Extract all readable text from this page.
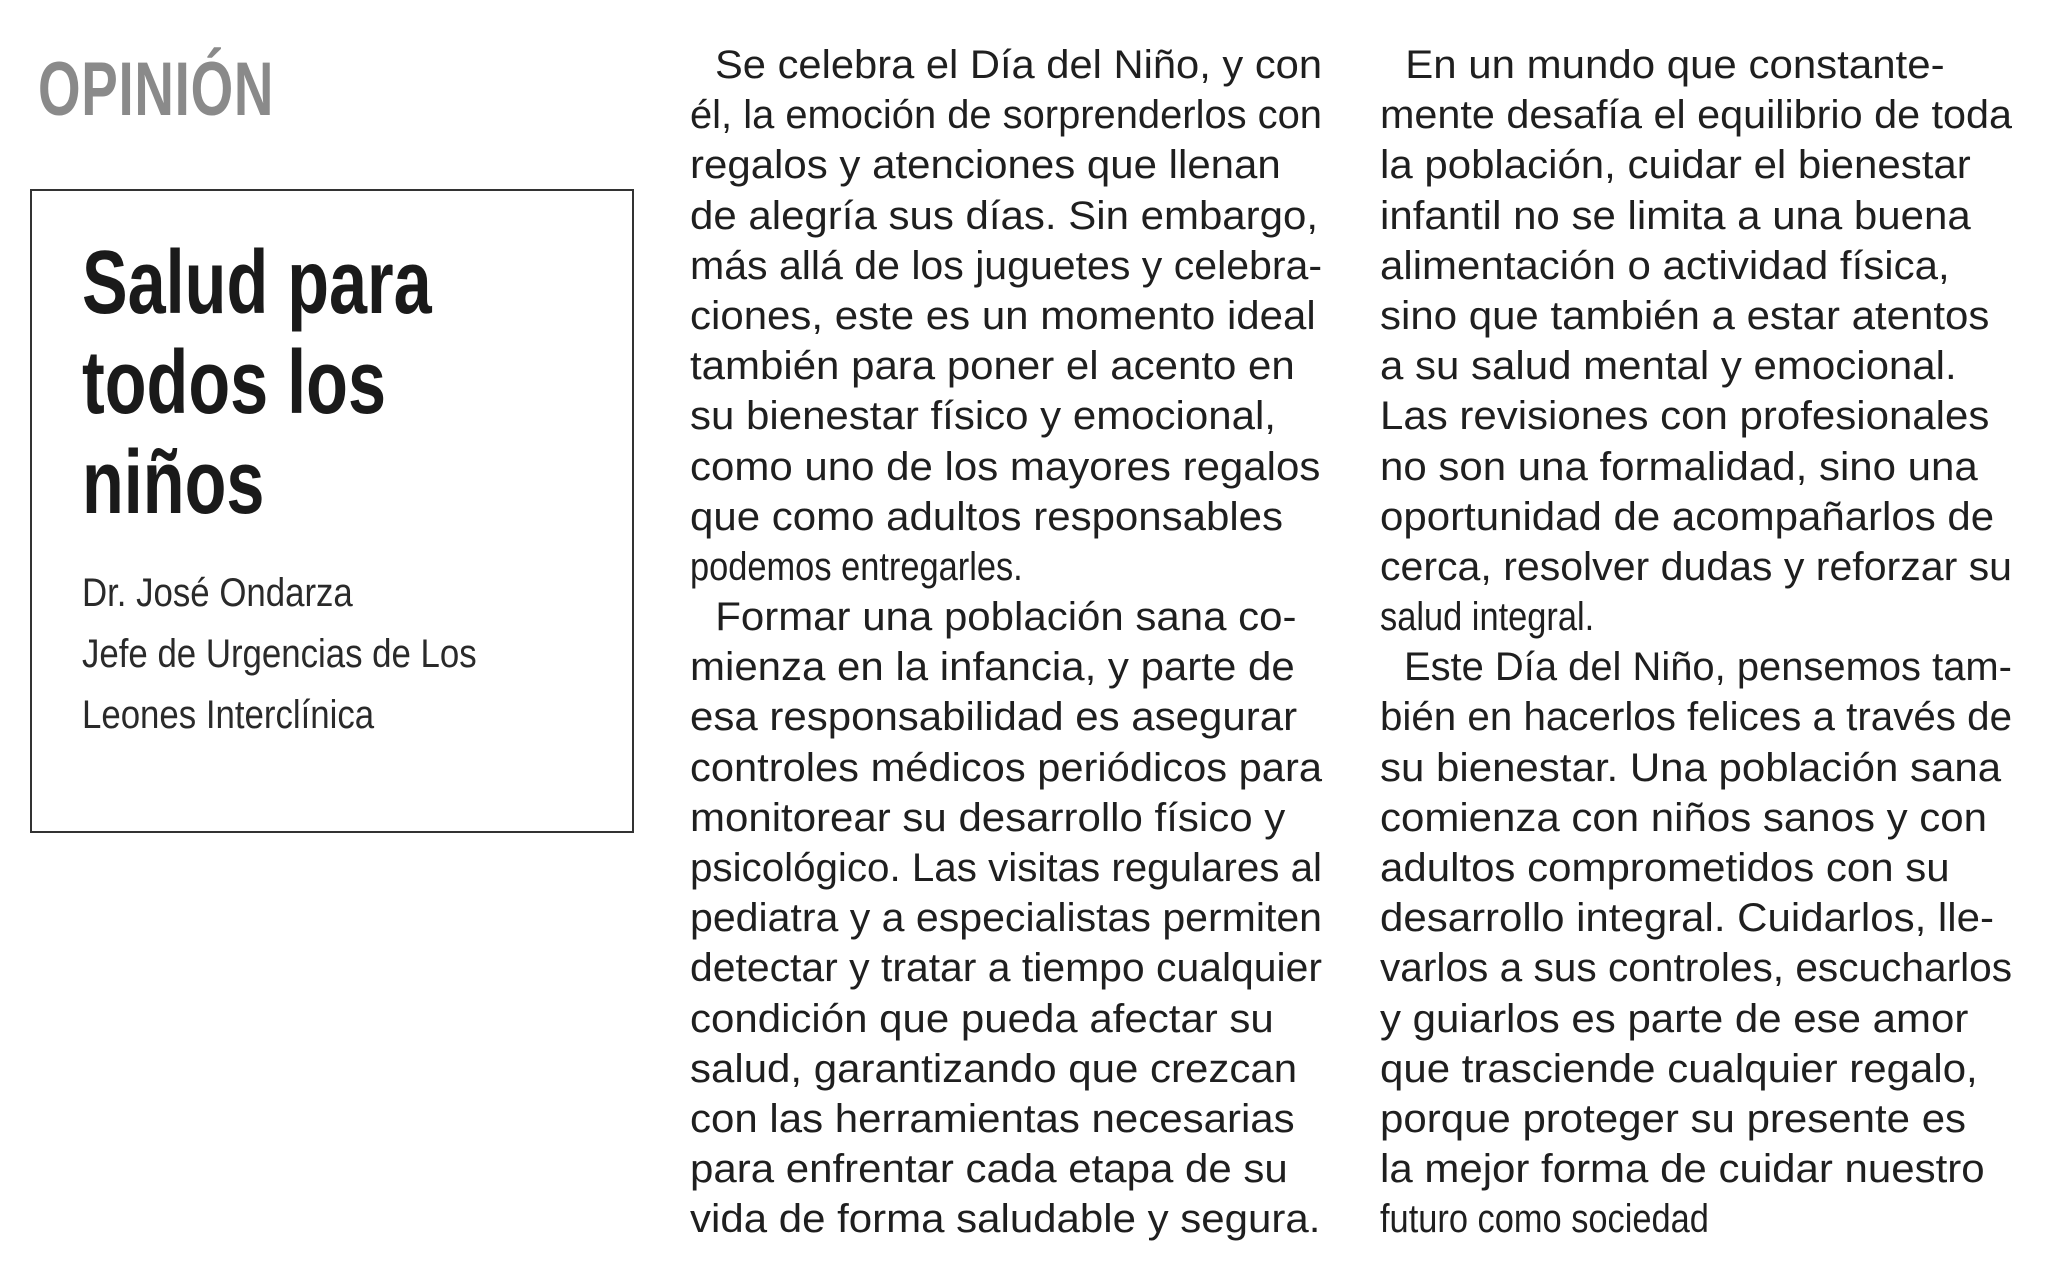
OPINIÓN
Salud para
todos los
niños
Dr. José Ondarza
Jefe de Urgencias de Los
Leones Interclínica
Se celebra el Día del Niño, y con
él, la emoción de sorprenderlos con
regalos y atenciones que llenan
de alegría sus días. Sin embargo,
más allá de los juguetes y celebra-
ciones, este es un momento ideal
también para poner el acento en
su bienestar físico y emocional,
como uno de los mayores regalos
que como adultos responsables
podemos entregarles.
Formar una población sana co-
mienza en la infancia, y parte de
esa responsabilidad es asegurar
controles médicos periódicos para
monitorear su desarrollo físico y
psicológico. Las visitas regulares al
pediatra y a especialistas permiten
detectar y tratar a tiempo cualquier
condición que pueda afectar su
salud, garantizando que crezcan
con las herramientas necesarias
para enfrentar cada etapa de su
vida de forma saludable y segura.
En un mundo que constante-
mente desafía el equilibrio de toda
la población, cuidar el bienestar
infantil no se limita a una buena
alimentación o actividad física,
sino que también a estar atentos
a su salud mental y emocional.
Las revisiones con profesionales
no son una formalidad, sino una
oportunidad de acompañarlos de
cerca, resolver dudas y reforzar su
salud integral.
Este Día del Niño, pensemos tam-
bién en hacerlos felices a través de
su bienestar. Una población sana
comienza con niños sanos y con
adultos comprometidos con su
desarrollo integral. Cuidarlos, lle-
varlos a sus controles, escucharlos
y guiarlos es parte de ese amor
que trasciende cualquier regalo,
porque proteger su presente es
la mejor forma de cuidar nuestro
futuro como sociedad
